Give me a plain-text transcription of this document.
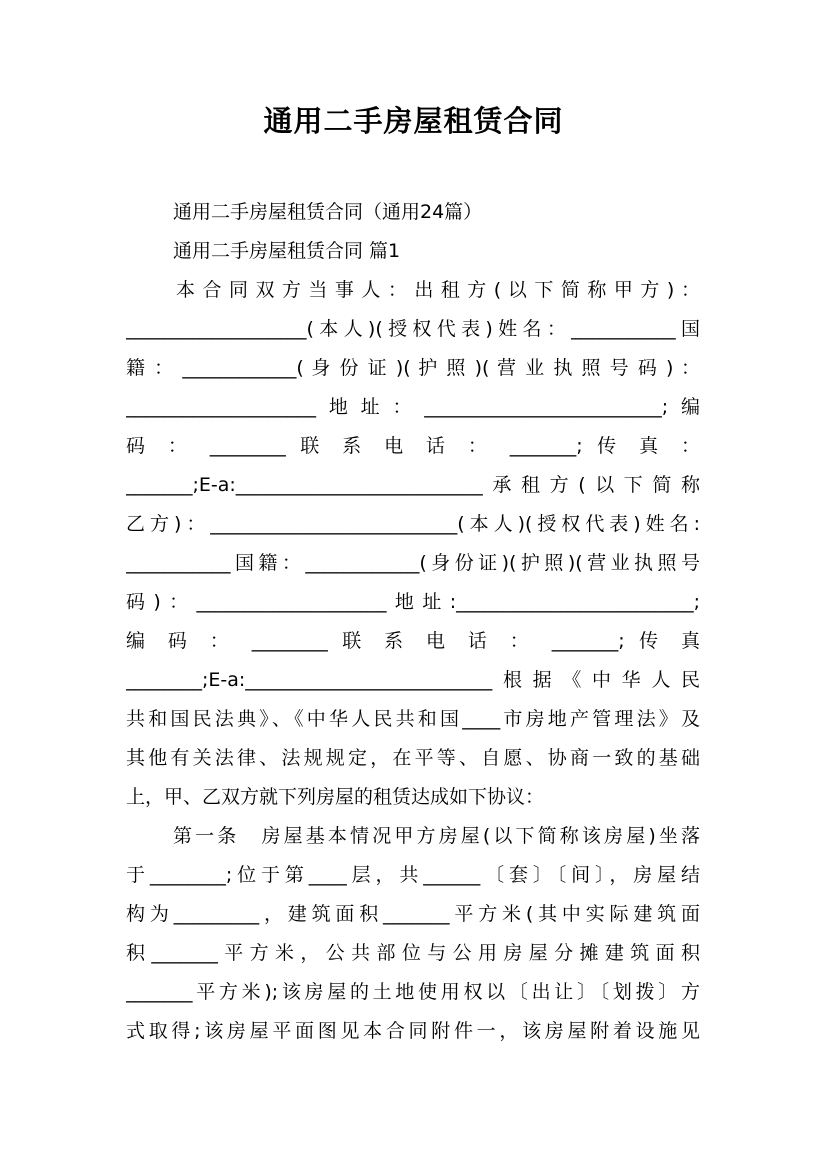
通用二手房屋租赁合同
通用二手房屋租赁合同（通用24篇）
通用二手房屋租赁合同 篇1
本 合 同 双 方 当 事 人 ： 出 租 方 ( 以 下 简 称 甲 方 ) ：
___________________(本人)(授权代表)姓名：___________国
籍 ： ____________( 身 份 证 )( 护 照 )( 营 业 执 照 号 码 ) ：
____________________地址：_________________________;编
码 ： ________ 联 系 电 话 ： _______; 传 真 ：
_______;E-a:__________________________承租方(以下简称
乙方)：__________________________(本人)(授权代表)姓名:
___________国籍：____________(身份证)(护照)(营业执照号
码)：____________________地址:_________________________;
编 码 ： ________ 联 系 电 话 ： _______; 传 真
________;E-a:__________________________根据《中华人民
共和国民法典》、《中华人民共和国____市房地产管理法》及
其他有关法律、法规规定，在平等、自愿、协商一致的基础
上，甲、乙双方就下列房屋的租赁达成如下协议：
第一条　房屋基本情况甲方房屋(以下简称该房屋)坐落
于________;位于第____层，共______〔套〕〔间〕，房屋结
构为_________，建筑面积_______平方米(其中实际建筑面
积_______平方米，公共部位与公用房屋分摊建筑面积
_______平方米);该房屋的土地使用权以〔出让〕〔划拨〕方
式取得;该房屋平面图见本合同附件一，该房屋附着设施见
